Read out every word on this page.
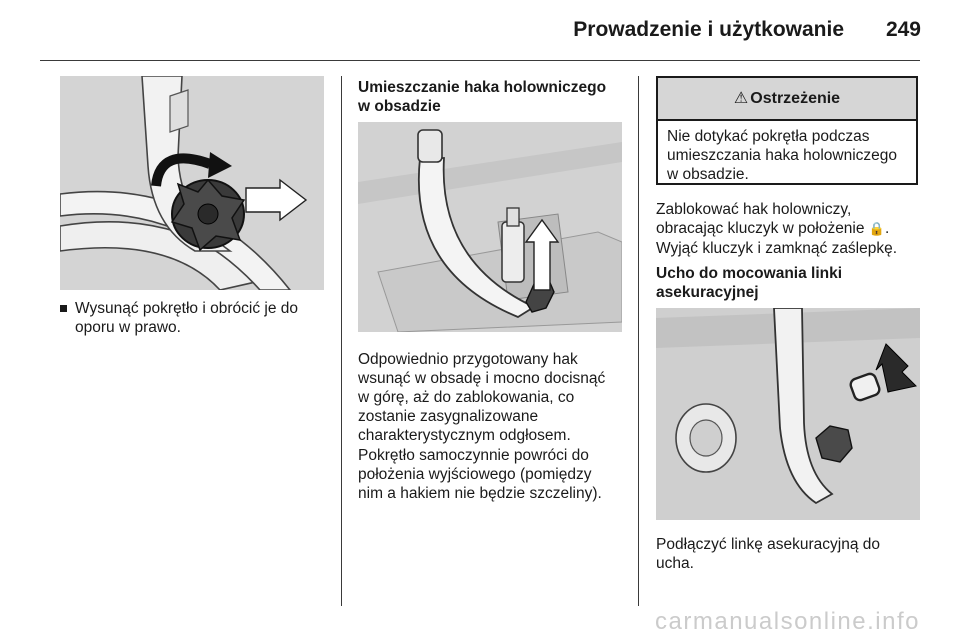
Prowadzenie i użytkowanie 249
Wysunąć pokrętło i obrócić je do oporu w prawo.
Umieszczanie haka holowniczego w obsadzie
Odpowiednio przygotowany hak wsunąć w obsadę i mocno docisnąć w górę, aż do zablokowania, co zostanie zasygnalizowane charakterystycznym odgłosem.
Pokrętło samoczynnie powróci do położenia wyjściowego (pomiędzy nim a hakiem nie będzie szczeliny).
⚠ Ostrzeżenie
Nie dotykać pokrętła podczas umieszczania haka holowniczego w obsadzie.
Zablokować hak holowniczy, obracając kluczyk w położenie 🔒.
Wyjąć kluczyk i zamknąć zaślepkę.
Ucho do mocowania linki asekuracyjnej
Podłączyć linkę asekuracyjną do ucha.
carmanualsonline.info
